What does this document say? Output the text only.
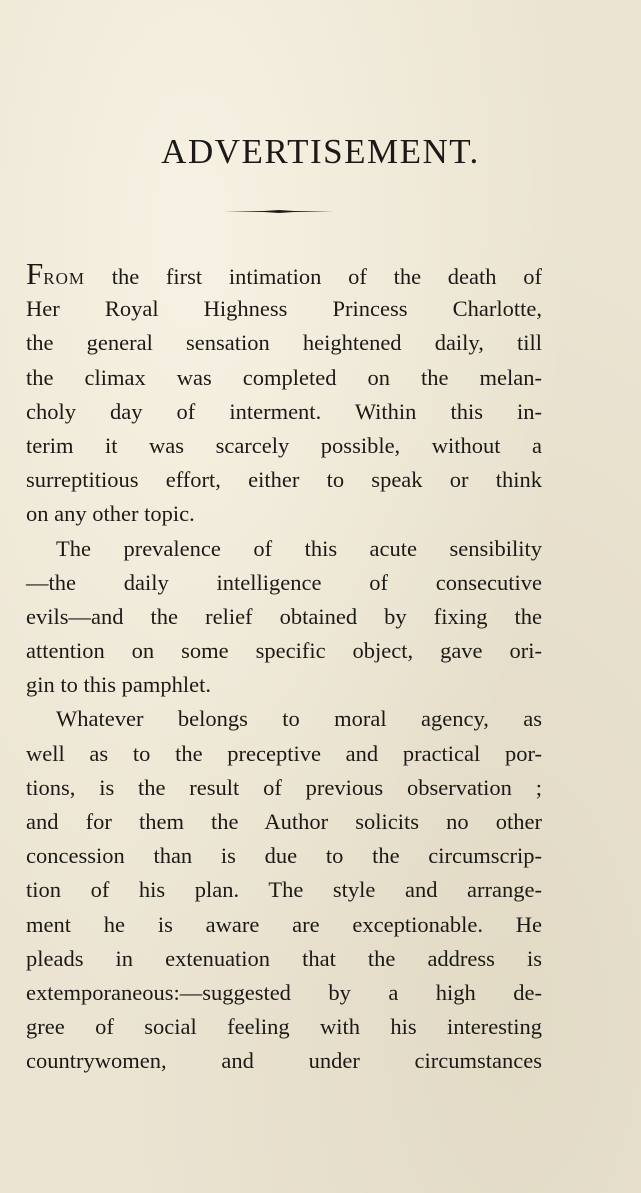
ADVERTISEMENT.
FROM the first intimation of the death of
Her Royal Highness Princess Charlotte,
the general sensation heightened daily, till
the climax was completed on the melan-
choly day of interment. Within this in-
terim it was scarcely possible, without a
surreptitious effort, either to speak or think
on any other topic.
The prevalence of this acute sensibility
—the daily intelligence of consecutive
evils—and the relief obtained by fixing the
attention on some specific object, gave ori-
gin to this pamphlet.
Whatever belongs to moral agency, as
well as to the preceptive and practical por-
tions, is the result of previous observation ;
and for them the Author solicits no other
concession than is due to the circumscrip-
tion of his plan. The style and arrange-
ment he is aware are exceptionable. He
pleads in extenuation that the address is
extemporaneous:—suggested by a high de-
gree of social feeling with his interesting
countrywomen, and under circumstances
